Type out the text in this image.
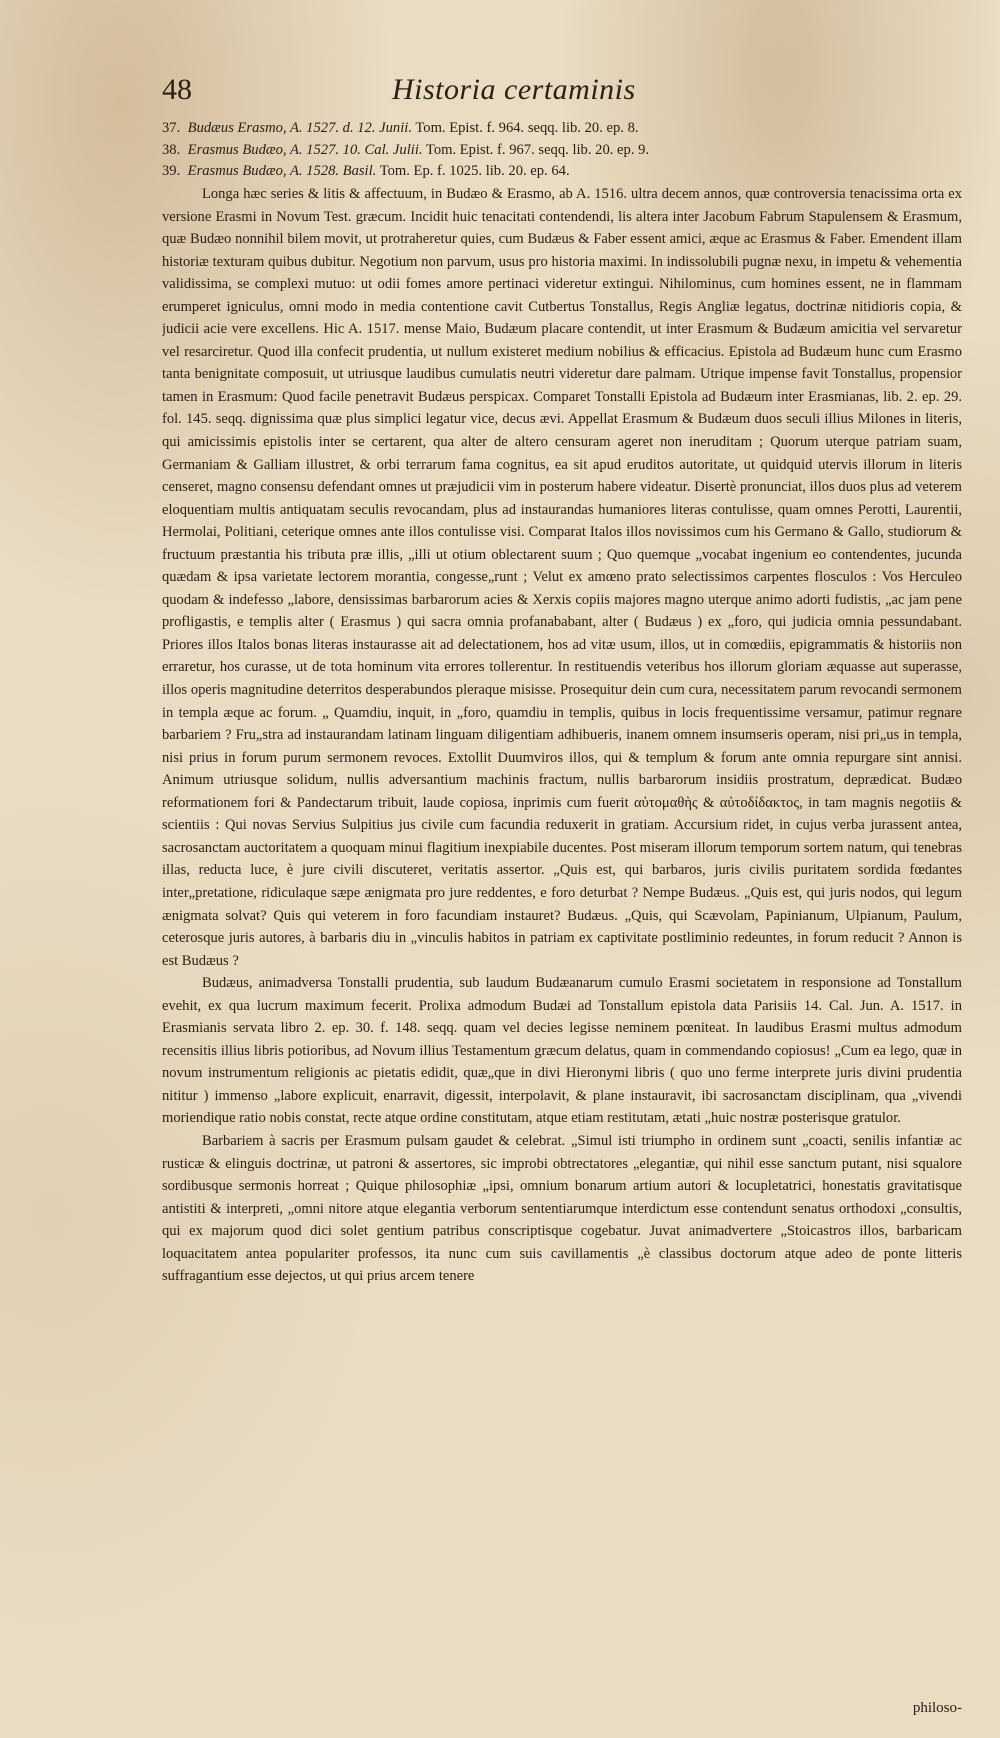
48	Historia certaminis
37. Budæus Erasmo, A. 1527. d. 12. Junii. Tom. Epist. f. 964. seqq. lib. 20. ep. 8.
38. Erasmus Budæo, A. 1527. 10. Cal. Julii. Tom. Epist. f. 967. seqq. lib. 20. ep. 9.
39. Erasmus Budæo, A. 1528. Basil. Tom. Ep. f. 1025. lib. 20. ep. 64.

Longa hæc series & litis & affectuum, in Budæo & Erasmo, ab A. 1516. ultra decem annos, quæ controversia tenacissima orta ex versione Erasmi in Novum Test. græcum. Incidit huic tenacitati contendendi, lis altera inter Jacobum Fabrum Stapulensem & Erasmum, quæ Budæo nonnihil bilem movit, ut protraheretur quies, cum Budæus & Faber essent amici, æque ac Erasmus & Faber. Emendent illam historiæ texturam quibus dubitur. Negotium non parvum, usus pro historia maximi. In indissolubili pugnæ nexu, in impetu & vehementia validissima, se complexi mutuo: ut odii fomes amore pertinaci videretur extingui. Nihilominus, cum homines essent, ne in flammam erumperet igniculus, omni modo in media contentione cavit Cutbertus Tonstallus, Regis Angliæ legatus, doctrinæ nitidioris copia, & judicii acie vere excellens. Hic A. 1517. mense Maio, Budæum placare contendit, ut inter Erasmum & Budæum amicitia vel servaretur vel resarciretur. Quod illa confecit prudentia, ut nullum existeret medium nobilius & efficacius. Epistola ad Budæum hunc cum Erasmo tanta benignitate composuit, ut utriusque laudibus cumulatis neutri videretur dare palmam. Utrique impense favit Tonstallus, propensior tamen in Erasmum: Quod facile penetravit Budæus perspicax. Comparet Tonstalli Epistola ad Budæum inter Erasmianas, lib. 2. ep. 29. fol. 145. seqq. dignissima quæ plus simplici legatur vice, decus ævi. Appellat Erasmum & Budæum duos seculi illius Milones in literis, qui amicissimis epistolis inter se certarent, qua alter de altero censuram ageret non ineruditam ; Quorum uterque patriam suam, Germaniam & Galliam illustret, & orbi terrarum fama cognitus, ea sit apud eruditos autoritate, ut quidquid utervis illorum in literis censeret, magno consensu defendant omnes ut præjudicii vim in posterum habere videatur. Disertè pronunciat, illos duos plus ad veterem eloquentiam multis antiquatam seculis revocandam, plus ad instaurandas humaniores literas contulisse, quam omnes Perotti, Laurentii, Hermolai, Politiani, ceterique omnes ante illos contulisse visi. Comparat Italos illos novissimos cum his Germano & Gallo, studiorum & fructuum præstantia his tributa præ illis, „illi ut otium oblectarent suum ; Quo quemque „vocabat ingenium eo contendentes, jucunda quædam & ipsa varietate lectorem morantia, congesse„runt ; Velut ex amœno prato selectissimos carpentes flosculos : Vos Herculeo quodam & indefesso „labore, densissimas barbarorum acies & Xerxis copiis majores magno uterque animo adorti fudistis, „ac jam pene profligastis, e templis alter ( Erasmus ) qui sacra omnia profanababant, alter ( Budæus ) ex „foro, qui judicia omnia pessundabant. Priores illos Italos bonas literas instaurasse ait ad delectationem, hos ad vitæ usum, illos, ut in comœdiis, epigrammatis & historiis non erraretur, hos curasse, ut de tota hominum vita errores tollerentur. In restituendis veteribus hos illorum gloriam æquasse aut superasse, illos operis magnitudine deterritos desperabundos pleraque misisse. Prosequitur dein cum cura, necessitatem parum revocandi sermonem in templa æque ac forum. „ Quamdiu, inquit, in „foro, quamdiu in templis, quibus in locis frequentissime versamur, patimur regnare barbariem ? Fru„stra ad instaurandam latinam linguam diligentiam adhibueris, inanem omnem insumseris operam, nisi pri„us in templa, nisi prius in forum purum sermonem revoces. Extollit Duumviros illos, qui & templum & forum ante omnia repurgare sint annisi. Animum utriusque solidum, nullis adversantium machinis fractum, nullis barbarorum insidiis prostratum, deprædicat. Budæo reformationem fori & Pandectarum tribuit, laude copiosa, inprimis cum fuerit αὐτομαθὴς & αὐτοδίδακτος, in tam magnis negotiis & scientiis : Qui novas Servius Sulpitius jus civile cum facundia reduxerit in gratiam. Accursium ridet, in cujus verba jurassent antea, sacrosanctam auctoritatem a quoquam minui flagitium inexpiabile ducentes. Post miseram illorum temporum sortem natum, qui tenebras illas, reducta luce, è jure civili discuteret, veritatis assertor. „Quis est, qui barbaros, juris civilis puritatem sordida fœdantes inter„pretatione, ridiculaque sæpe ænigmata pro jure reddentes, e foro deturbat ? Nempe Budæus. „Quis est, qui juris nodos, qui legum ænigmata solvat? Quis qui veterem in foro facundiam instauret? Budæus. „Quis, qui Scævolam, Papinianum, Ulpianum, Paulum, ceterosque juris autores, à barbaris diu in „vinculis habitos in patriam ex captivitate postliminio redeuntes, in forum reducit ? Annon is est Budæus ?

Budæus, animadversa Tonstalli prudentia, sub laudum Budæanarum cumulo Erasmi societatem in responsione ad Tonstallum evehit, ex qua lucrum maximum fecerit. Prolixa admodum Budæi ad Tonstallum epistola data Parisiis 14. Cal. Jun. A. 1517. in Erasmianis servata libro 2. ep. 30. f. 148. seqq. quam vel decies legisse neminem pœniteat. In laudibus Erasmi multus admodum recensitis illius libris potioribus, ad Novum illius Testamentum græcum delatus, quam in commendando copiosus! „Cum ea lego, quæ in novum instrumentum religionis ac pietatis edidit, quæ„que in divi Hieronymi libris ( quo uno ferme interprete juris divini prudentia nititur ) immenso „labore explicuit, enarravit, digessit, interpolavit, & plane instauravit, ibi sacrosanctam disciplinam, qua „vivendi moriendique ratio nobis constat, recte atque ordine constitutam, atque etiam restitutam, ætati „huic nostræ posterisque gratulor.

Barbariem à sacris per Erasmum pulsam gaudet & celebrat. „Simul isti triumpho in ordinem sunt „coacti, senilis infantiæ ac rusticæ & elinguis doctrinæ, ut patroni & assertores, sic improbi obtrectatores „elegantiæ, qui nihil esse sanctum putant, nisi squalore sordibusque sermonis horreat ; Quique philosophiæ „ipsi, omnium bonarum artium autori & locupletatrici, honestatis gravitatisque antistiti & interpreti, „omni nitore atque elegantia verborum sententiarumque interdictum esse contendunt senatus orthodoxi „consultis, qui ex majorum quod dici solet gentium patribus conscriptisque cogebatur. Juvat animadvertere „Stoicastros illos, barbaricam loquacitatem antea populariter professos, ita nunc cum suis cavillamentis „è classibus doctorum atque adeo de ponte litteris suffragantium esse dejectos, ut qui prius arcem tenere

philoso-
